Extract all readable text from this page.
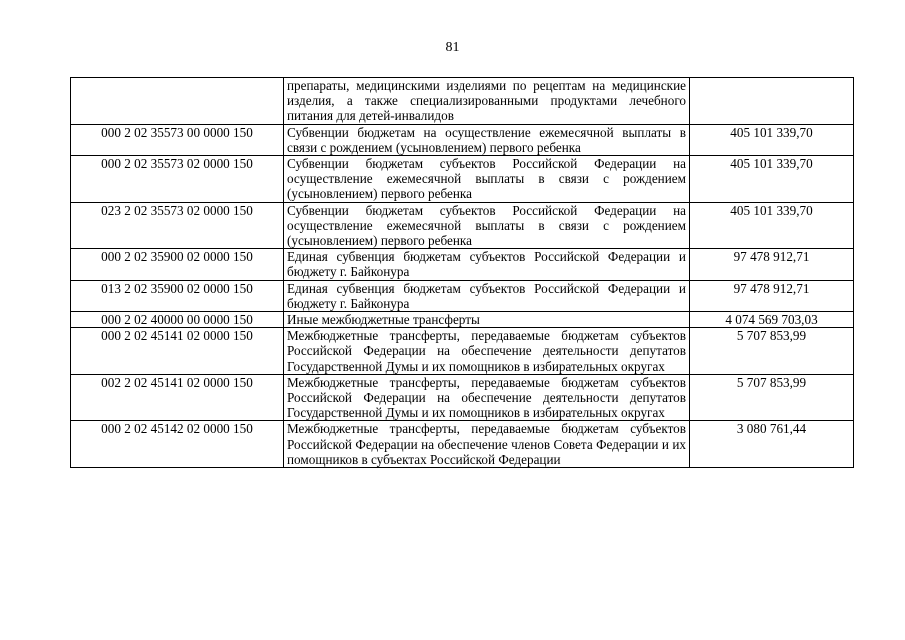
81
	препараты, медицинскими изделиями по рецептам на медицинские изделия, а также специализированными продуктами лечебного питания для детей-инвалидов	
000 2 02 35573 00 0000 150	Субвенции бюджетам на осуществление ежемесячной выплаты в связи с рождением (усыновлением) первого ребенка	405 101 339,70
000 2 02 35573 02 0000 150	Субвенции бюджетам субъектов Российской Федерации на осуществление ежемесячной выплаты в связи с рождением (усыновлением) первого ребенка	405 101 339,70
023 2 02 35573 02 0000 150	Субвенции бюджетам субъектов Российской Федерации на осуществление ежемесячной выплаты в связи с рождением (усыновлением) первого ребенка	405 101 339,70
000 2 02 35900 02 0000 150	Единая субвенция бюджетам субъектов Российской Федерации и бюджету г. Байконура	97 478 912,71
013 2 02 35900 02 0000 150	Единая субвенция бюджетам субъектов Российской Федерации и бюджету г. Байконура	97 478 912,71
000 2 02 40000 00 0000 150	Иные межбюджетные трансферты	4 074 569 703,03
000 2 02 45141 02 0000 150	Межбюджетные трансферты, передаваемые бюджетам субъектов Российской Федерации на обеспечение деятельности депутатов Государственной Думы и их помощников в избирательных округах	5 707 853,99
002 2 02 45141 02 0000 150	Межбюджетные трансферты, передаваемые бюджетам субъектов Российской Федерации на обеспечение деятельности депутатов Государственной Думы и их помощников в избирательных округах	5 707 853,99
000 2 02 45142 02 0000 150	Межбюджетные трансферты, передаваемые бюджетам субъектов Российской Федерации на обеспечение членов Совета Федерации и их помощников в субъектах Российской Федерации	3 080 761,44
